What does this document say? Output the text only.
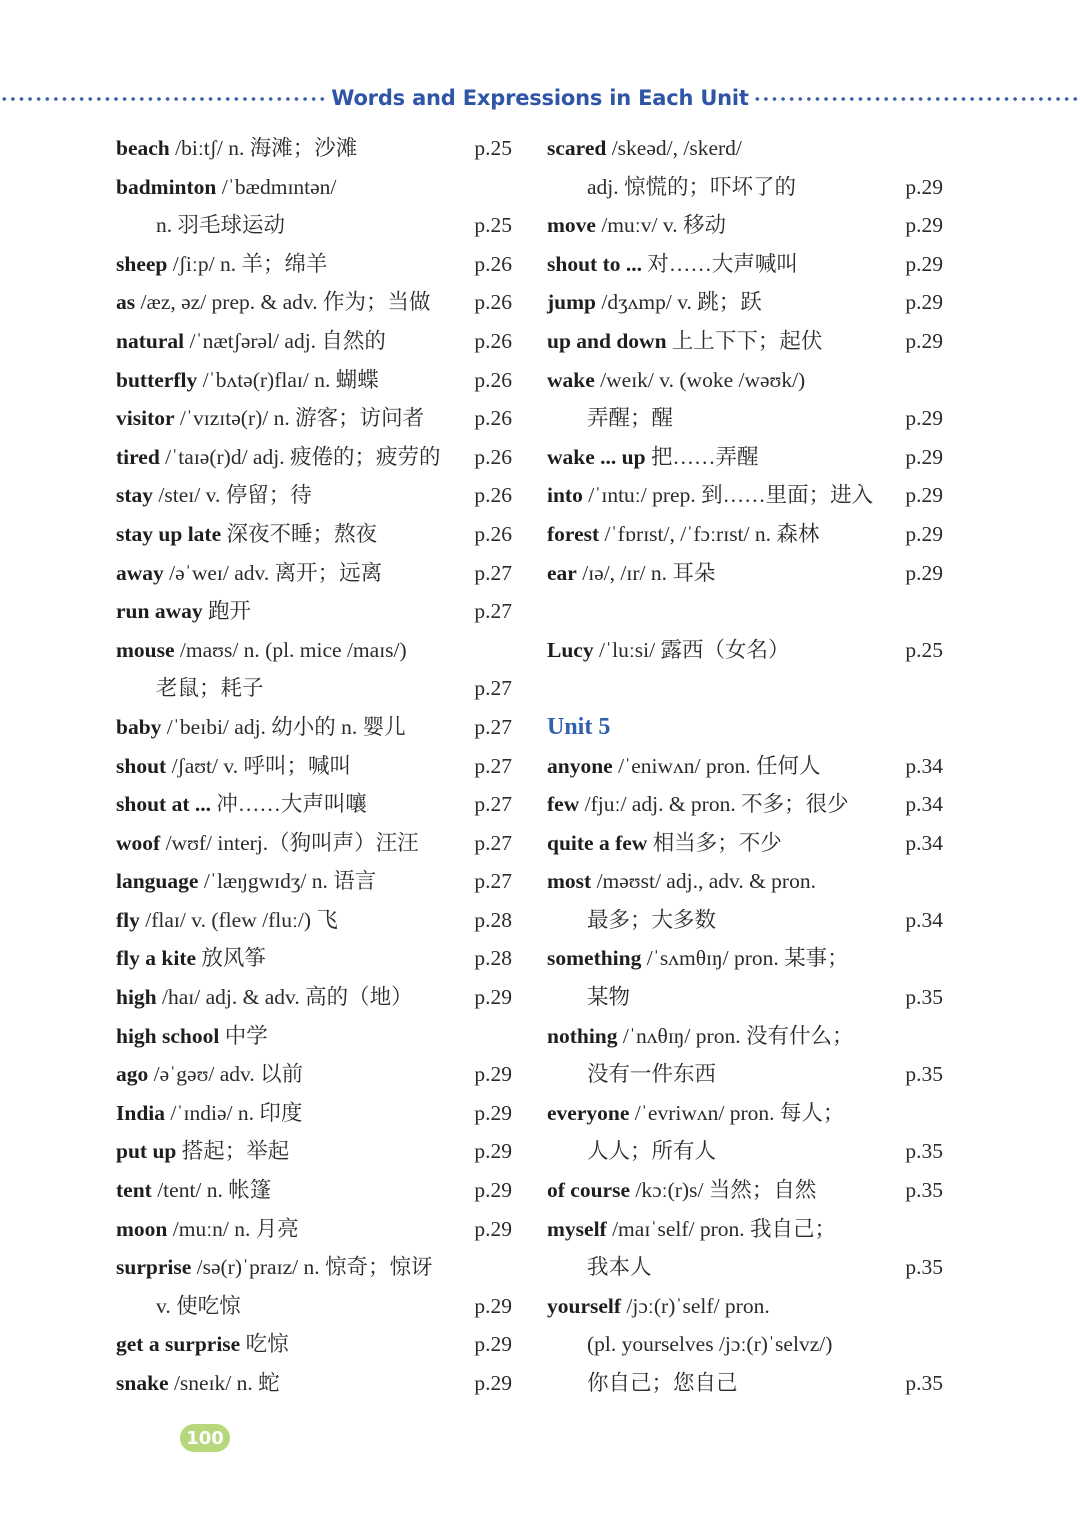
Words and Expressions in Each Unit
beach /biːtʃ/ n. 海滩；沙滩	p.25
badminton /ˈbædmɪntən/
n. 羽毛球运动	p.25
sheep /ʃiːp/ n. 羊；绵羊	p.26
as /æz, əz/ prep. & adv. 作为；当做 p.26
natural /ˈnætʃərəl/ adj. 自然的	p.26
butterfly /ˈbʌtə(r)flaɪ/ n. 蝴蝶	p.26
visitor /ˈvɪzɪtə(r)/ n. 游客；访问者 p.26
tired /ˈtaɪə(r)d/ adj. 疲倦的；疲劳的 p.26
stay /steɪ/ v. 停留；待	p.26
stay up late 深夜不睡；熬夜	p.26
away /əˈweɪ/ adv. 离开；远离	p.27
run away 跑开	p.27
mouse /maʊs/ n. (pl. mice /maɪs/)
老鼠；耗子	p.27
baby /ˈbeɪbi/ adj. 幼小的 n. 婴儿	p.27
shout /ʃaʊt/ v. 呼叫；喊叫	p.27
shout at ... 冲……大声叫嚷	p.27
woof /wʊf/ interj.（狗叫声）汪汪	p.27
language /ˈlæŋgwɪdʒ/ n. 语言	p.27
fly /flaɪ/ v. (flew /fluː/) 飞	p.28
fly a kite 放风筝	p.28
high /haɪ/ adj. & adv. 高的（地）	p.29
high school 中学
ago /əˈgəʊ/ adv. 以前	p.29
India /ˈɪndiə/ n. 印度	p.29
put up 搭起；举起	p.29
tent /tent/ n. 帐篷	p.29
moon /muːn/ n. 月亮	p.29
surprise /sə(r)ˈpraɪz/ n. 惊奇；惊讶
v. 使吃惊	p.29
get a surprise 吃惊	p.29
snake /sneɪk/ n. 蛇	p.29
scared /skeəd/, /skerd/
adj. 惊慌的；吓坏了的	p.29
move /muːv/ v. 移动	p.29
shout to ... 对……大声喊叫	p.29
jump /dʒʌmp/ v. 跳；跃	p.29
up and down 上上下下；起伏	p.29
wake /weɪk/ v. (woke /wəʊk/)
弄醒；醒	p.29
wake ... up 把……弄醒	p.29
into /ˈɪntuː/ prep. 到……里面；进入 p.29
forest /ˈfɒrɪst/, /ˈfɔːrɪst/ n. 森林	p.29
ear /ɪə/, /ɪr/ n. 耳朵	p.29
Lucy /ˈluːsi/ 露西（女名）	p.25
Unit 5
anyone /ˈeniwʌn/ pron. 任何人	p.34
few /fjuː/ adj. & pron. 不多；很少	p.34
quite a few 相当多；不少	p.34
most /məʊst/ adj., adv. & pron.
最多；大多数	p.34
something /ˈsʌmθɪŋ/ pron. 某事；
某物	p.35
nothing /ˈnʌθɪŋ/ pron. 没有什么；
没有一件东西	p.35
everyone /ˈevriwʌn/ pron. 每人；
人人；所有人	p.35
of course /kɔː(r)s/ 当然；自然	p.35
myself /maɪˈself/ pron. 我自己；
我本人	p.35
yourself /jɔː(r)ˈself/ pron.
(pl. yourselves /jɔː(r)ˈselvz/)
你自己；您自己	p.35
100
